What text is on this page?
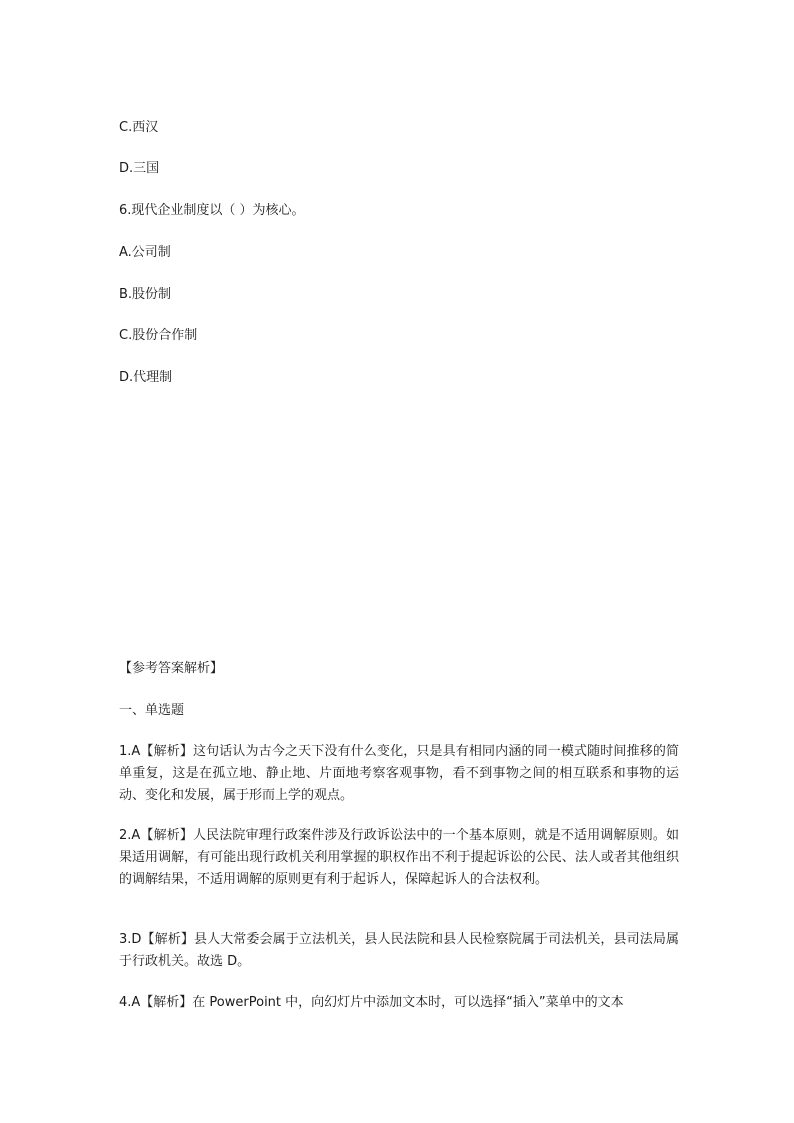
C.西汉
D.三国
6.现代企业制度以（ ）为核心。
A.公司制
B.股份制
C.股份合作制
D.代理制
【参考答案解析】
一、单选题
1.A【解析】这句话认为古今之天下没有什么变化，只是具有相同内涵的同一模式随时间推移的简单重复，这是在孤立地、静止地、片面地考察客观事物，看不到事物之间的相互联系和事物的运动、变化和发展，属于形而上学的观点。
2.A【解析】人民法院审理行政案件涉及行政诉讼法中的一个基本原则，就是不适用调解原则。如果适用调解，有可能出现行政机关利用掌握的职权作出不利于提起诉讼的公民、法人或者其他组织的调解结果，不适用调解的原则更有利于起诉人，保障起诉人的合法权利。
3.D【解析】县人大常委会属于立法机关，县人民法院和县人民检察院属于司法机关，县司法局属于行政机关。故选 D。
4.A【解析】在 PowerPoint 中，向幻灯片中添加文本时，可以选择“插入”菜单中的文本
